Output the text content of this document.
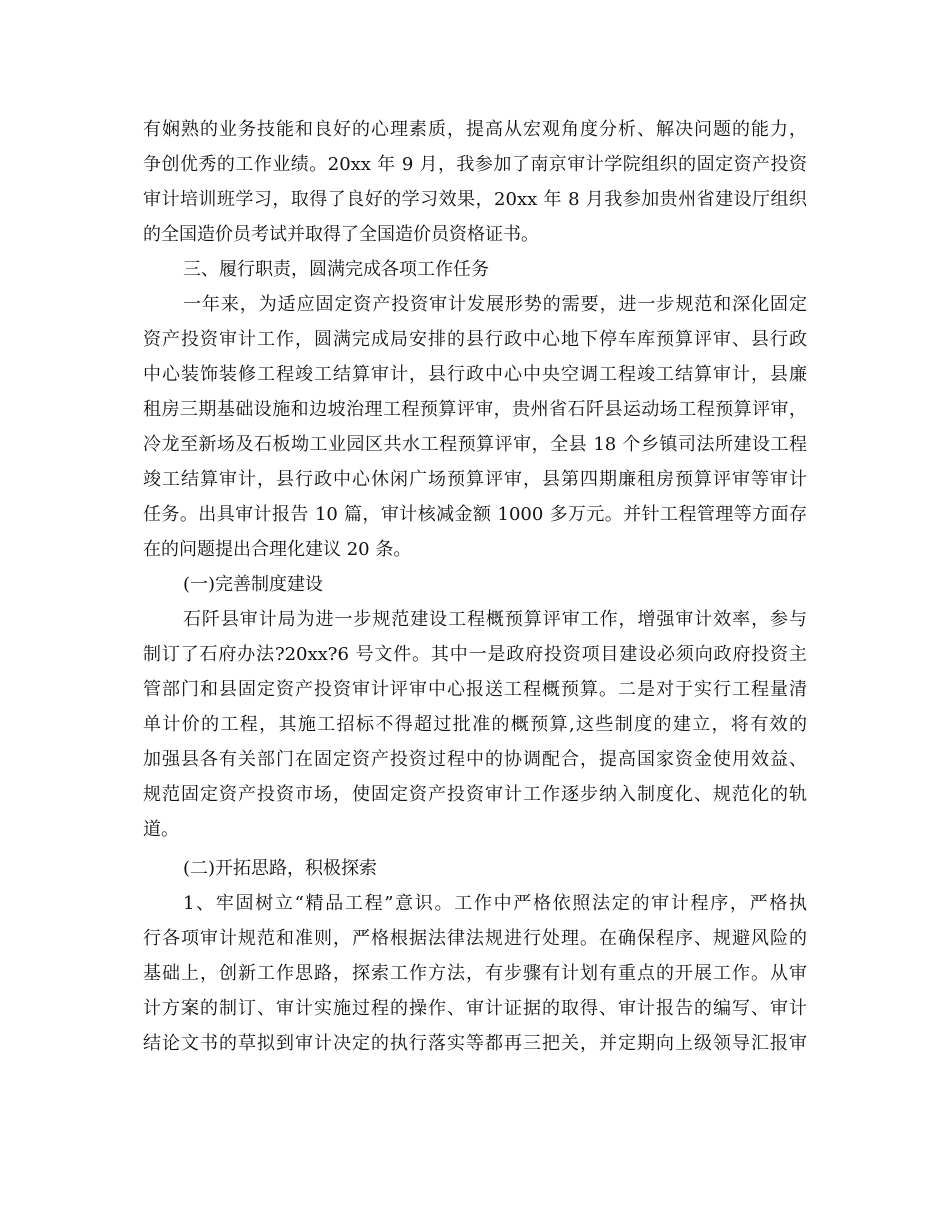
有娴熟的业务技能和良好的心理素质，提高从宏观角度分析、解决问题的能力，
争创优秀的工作业绩。20xx 年 9 月，我参加了南京审计学院组织的固定资产投资
审计培训班学习，取得了良好的学习效果，20xx 年 8 月我参加贵州省建设厅组织
的全国造价员考试并取得了全国造价员资格证书。
三、履行职责，圆满完成各项工作任务
一年来，为适应固定资产投资审计发展形势的需要，进一步规范和深化固定
资产投资审计工作，圆满完成局安排的县行政中心地下停车库预算评审、县行政
中心装饰装修工程竣工结算审计，县行政中心中央空调工程竣工结算审计，县廉
租房三期基础设施和边坡治理工程预算评审，贵州省石阡县运动场工程预算评审，
冷龙至新场及石板坳工业园区共水工程预算评审，全县 18 个乡镇司法所建设工程
竣工结算审计，县行政中心休闲广场预算评审，县第四期廉租房预算评审等审计
任务。出具审计报告 10 篇，审计核减金额 1000 多万元。并针工程管理等方面存
在的问题提出合理化建议 20 条。
(一)完善制度建设
石阡县审计局为进一步规范建设工程概预算评审工作，增强审计效率，参与
制订了石府办法?20xx?6 号文件。其中一是政府投资项目建设必须向政府投资主
管部门和县固定资产投资审计评审中心报送工程概预算。二是对于实行工程量清
单计价的工程，其施工招标不得超过批准的概预算,这些制度的建立，将有效的
加强县各有关部门在固定资产投资过程中的协调配合，提高国家资金使用效益、
规范固定资产投资市场，使固定资产投资审计工作逐步纳入制度化、规范化的轨
道。
(二)开拓思路，积极探索
1、牢固树立“精品工程”意识。工作中严格依照法定的审计程序，严格执
行各项审计规范和准则，严格根据法律法规进行处理。在确保程序、规避风险的
基础上，创新工作思路，探索工作方法，有步骤有计划有重点的开展工作。从审
计方案的制订、审计实施过程的操作、审计证据的取得、审计报告的编写、审计
结论文书的草拟到审计决定的执行落实等都再三把关，并定期向上级领导汇报审
